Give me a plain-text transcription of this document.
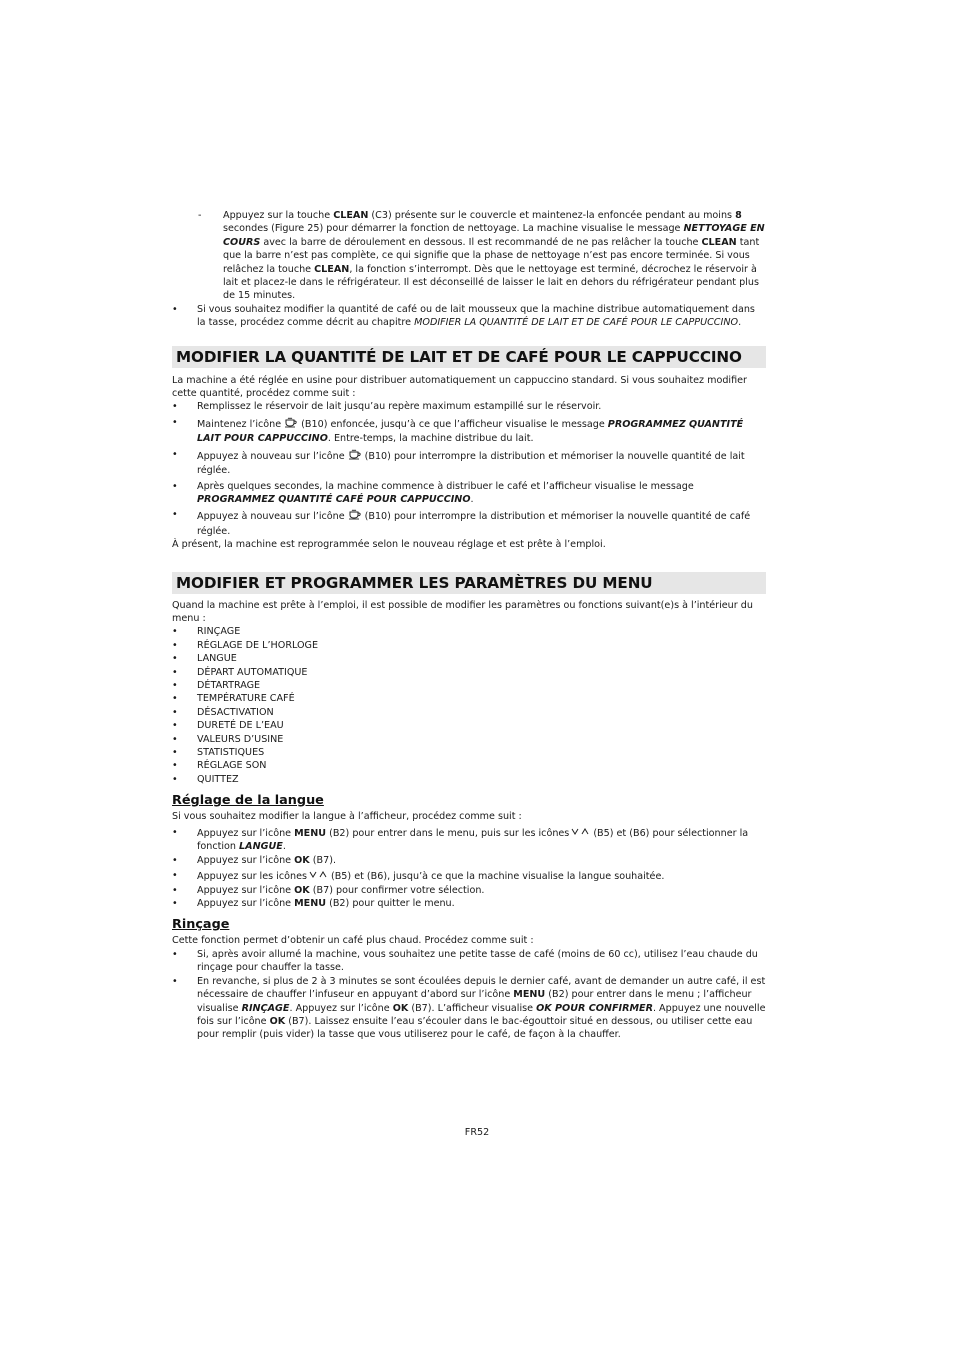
- Appuyez sur la touche CLEAN (C3) présente sur le couvercle et maintenez-la enfoncée pendant au moins 8 secondes (Figure 25) pour démarrer la fonction de nettoyage. La machine visualise le message NETTOYAGE EN COURS avec la barre de déroulement en dessous. Il est recommandé de ne pas relâcher la touche CLEAN tant que la barre n’est pas complète, ce qui signifie que la phase de nettoyage n’est pas encore terminée. Si vous relâchez la touche CLEAN, la fonction s’interrompt. Dès que le nettoyage est terminé, décrochez le réservoir à lait et placez-le dans le réfrigérateur. Il est déconseillé de laisser le lait en dehors du réfrigérateur pendant plus de 15 minutes.

• Si vous souhaitez modifier la quantité de café ou de lait mousseux que la machine distribue automatiquement dans la tasse, procédez comme décrit au chapitre MODIFIER LA QUANTITÉ DE LAIT ET DE CAFÉ POUR LE CAPPUCCINO.

MODIFIER LA QUANTITÉ DE LAIT ET DE CAFÉ POUR LE CAPPUCCINO

La machine a été réglée en usine pour distribuer automatiquement un cappuccino standard. Si vous souhaitez modifier cette quantité, procédez comme suit :

• Remplissez le réservoir de lait jusqu’au repère maximum estampillé sur le réservoir.

• Maintenez l’icône (B10) enfoncée, jusqu’à ce que l’afficheur visualise le message PROGRAMMEZ QUANTITÉ LAIT POUR CAPPUCCINO. Entre-temps, la machine distribue du lait.

• Appuyez à nouveau sur l’icône (B10) pour interrompre la distribution et mémoriser la nouvelle quantité de lait réglée.

• Après quelques secondes, la machine commence à distribuer le café et l’afficheur visualise le message PROGRAMMEZ QUANTITÉ CAFÉ POUR CAPPUCCINO.

• Appuyez à nouveau sur l’icône (B10) pour interrompre la distribution et mémoriser la nouvelle quantité de café réglée.

À présent, la machine est reprogrammée selon le nouveau réglage et est prête à l’emploi.

MODIFIER ET PROGRAMMER LES PARAMÈTRES DU MENU

Quand la machine est prête à l’emploi, il est possible de modifier les paramètres ou fonctions suivant(e)s à l’intérieur du menu :

• RINÇAGE
• RÉGLAGE DE L’HORLOGE
• LANGUE
• DÉPART AUTOMATIQUE
• DÉTARTRAGE
• TEMPÉRATURE CAFÉ
• DÉSACTIVATION
• DURETÉ DE L’EAU
• VALEURS D’USINE
• STATISTIQUES
• RÉGLAGE SON
• QUITTEZ
Réglage de la langue

Si vous souhaitez modifier la langue à l’afficheur, procédez comme suit :

• Appuyez sur l’icône MENU (B2) pour entrer dans le menu, puis sur les icônes	(B5) et (B6) pour sélectionner la fonction LANGUE.

• Appuyez sur l’icône OK (B7).

• Appuyez sur les icônes	(B5) et (B6), jusqu’à ce que la machine visualise la langue souhaitée.

• Appuyez sur l’icône OK (B7) pour confirmer votre sélection.

• Appuyez sur l’icône MENU (B2) pour quitter le menu.

Rinçage

Cette fonction permet d’obtenir un café plus chaud. Procédez comme suit :

• Si, après avoir allumé la machine, vous souhaitez une petite tasse de café (moins de 60 cc), utilisez l’eau chaude du rinçage pour chauffer la tasse.

• En revanche, si plus de 2 à 3 minutes se sont écoulées depuis le dernier café, avant de demander un autre café, il est nécessaire de chauffer l’infuseur en appuyant d’abord sur l’icône MENU (B2) pour entrer dans le menu ; l’afficheur visualise RINÇAGE. Appuyez sur l’icône OK (B7). L’afficheur visualise OK POUR CONFIRMER. Appuyez une nouvelle fois sur l’icône OK (B7). Laissez ensuite l’eau s’écouler dans le bac-égouttoir situé en dessous, ou utiliser cette eau pour remplir (puis vider) la tasse que vous utiliserez pour le café, de façon à la chauffer.

FR52
